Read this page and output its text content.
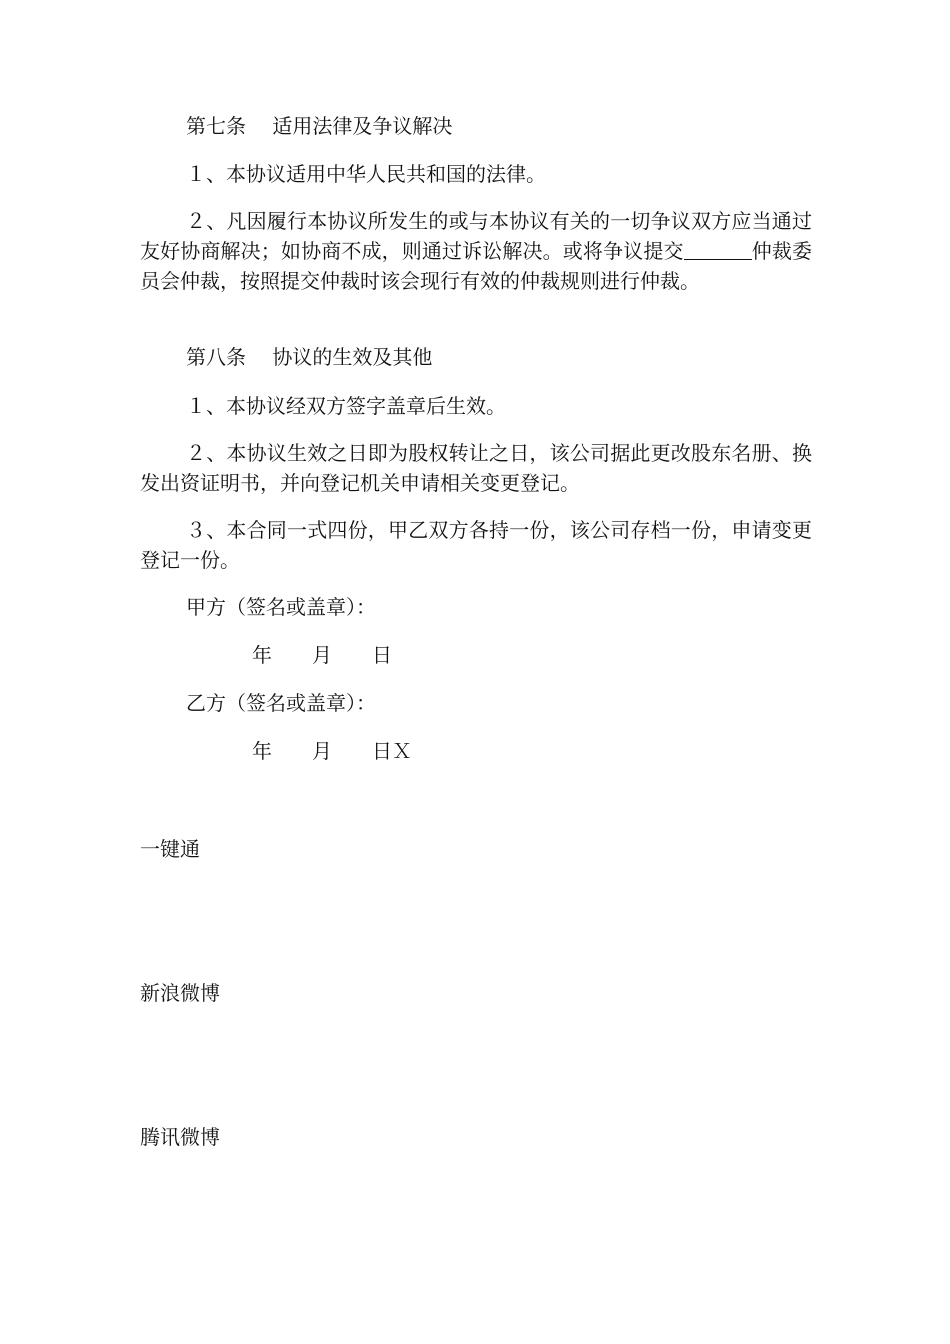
第七条　 适用法律及争议解决
１、本协议适用中华人民共和国的法律。
２、凡因履行本协议所发生的或与本协议有关的一切争议双方应当通过友好协商解决；如协商不成，则通过诉讼解决。或将争议提交	仲裁委员会仲裁，按照提交仲裁时该会现行有效的仲裁规则进行仲裁。
第八条　 协议的生效及其他
１、本协议经双方签字盖章后生效。
２、本协议生效之日即为股权转让之日，该公司据此更改股东名册、换发出资证明书，并向登记机关申请相关变更登记。
３、本合同一式四份，甲乙双方各持一份，该公司存档一份，申请变更登记一份。
甲方（签名或盖章）：
年　　月　　日
乙方（签名或盖章）：
年　　月　　日Ｘ
一键通
新浪微博
腾讯微博
